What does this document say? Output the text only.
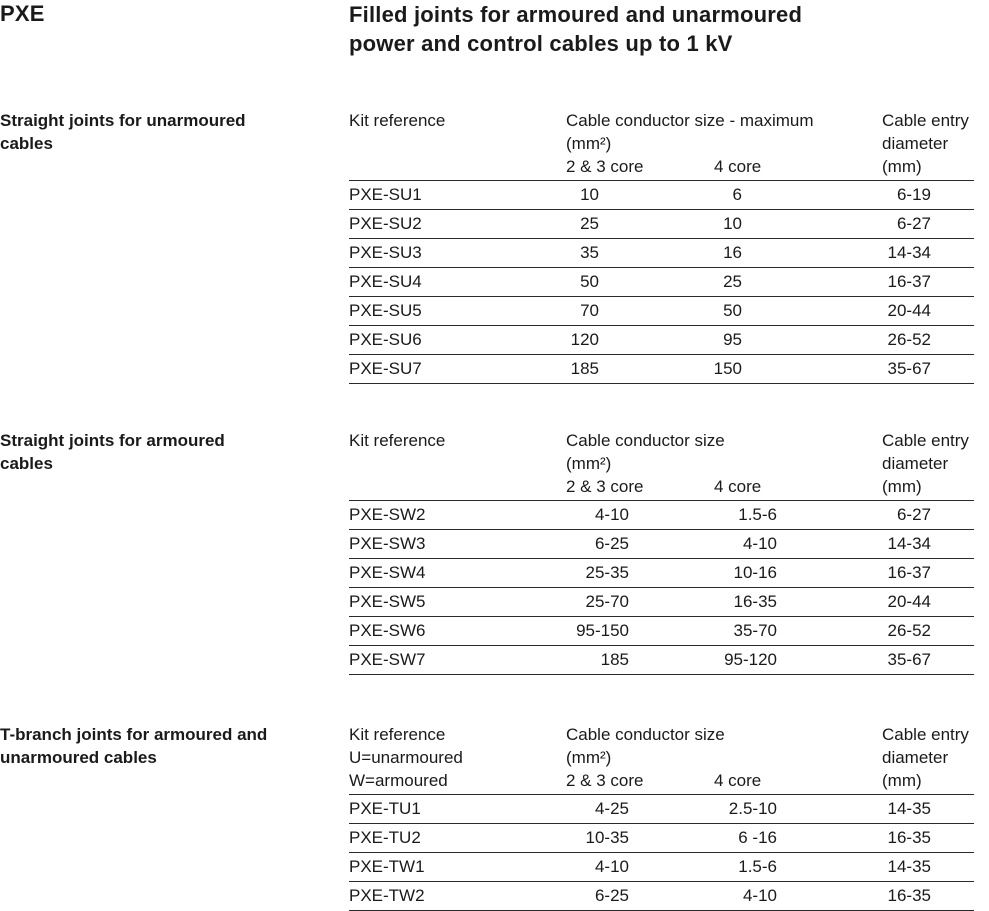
PXE	Filled joints for armoured and unarmoured
power and control cables up to 1 kV
Straight joints for unarmoured
cables
Kit reference	Cable conductor size - maximum
(mm²)
2 & 3 core	4 core
Cable entry
diameter
(mm)
PXE-SU1	10	6	6-19
PXE-SU2	25	10	6-27
PXE-SU3	35	16	14-34
PXE-SU4	50	25	16-37
PXE-SU5	70	50	20-44
PXE-SU6	120	95	26-52
PXE-SU7	185	150	35-67
Straight joints for armoured
cables
Kit reference	Cable conductor size
(mm²)
2 & 3 core	4 core
Cable entry
diameter
(mm)
PXE-SW2	4-10	1.5-6	6-27
PXE-SW3	6-25	4-10	14-34
PXE-SW4	25-35	10-16	16-37
PXE-SW5	25-70	16-35	20-44
PXE-SW6	95-150	35-70	26-52
PXE-SW7	185	95-120	35-67
T-branch joints for armoured and
unarmoured cables
Kit reference
U=unarmoured
W=armoured
Cable conductor size
(mm²)
2 & 3 core	4 core
Cable entry
diameter
(mm)
PXE-TU1	4-25	2.5-10	14-35
PXE-TU2	10-35	6 -16	16-35
PXE-TW1	4-10	1.5-6	14-35
PXE-TW2	6-25	4-10	16-35
